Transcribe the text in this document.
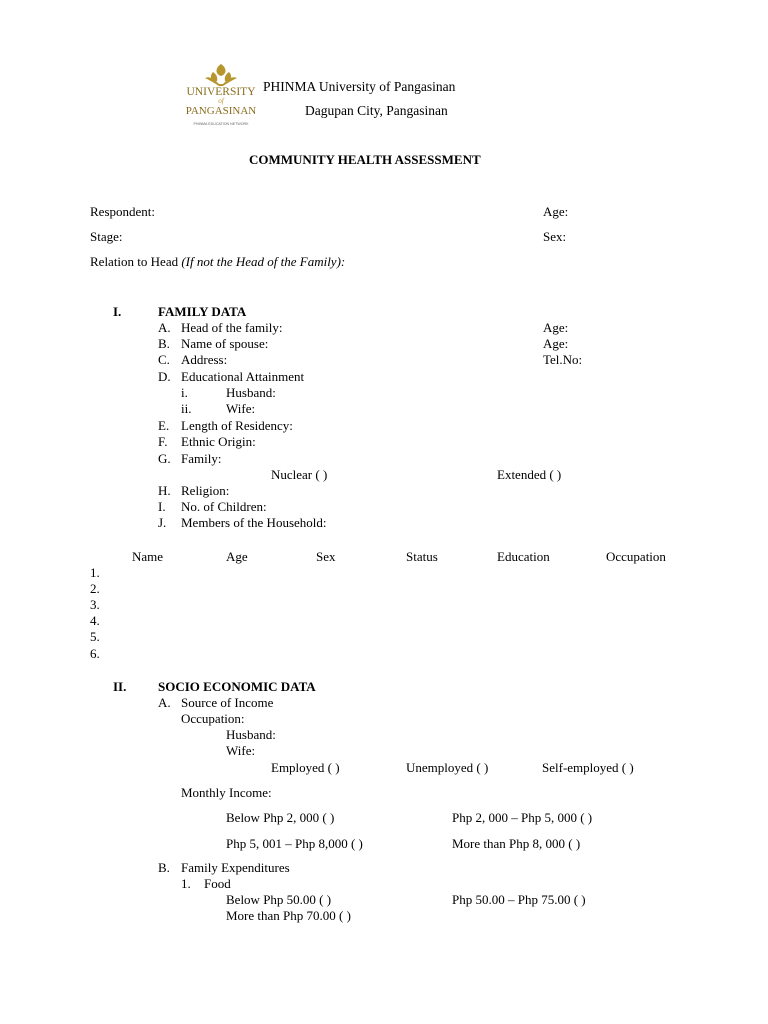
UNIVERSITY
of
PANGASINAN
PHINMA EDUCATION NETWORK
PHINMA University of Pangasinan
Dagupan City, Pangasinan
COMMUNITY HEALTH ASSESSMENT
Respondent:	Age:
Stage:	Sex:
Relation to Head (If not the Head of the Family):
I.	FAMILY DATA
A. Head of the family:	Age:
B. Name of spouse:	Age:
C. Address:	Tel.No:
D. Educational Attainment
i.	Husband:
ii.	Wife:
E. Length of Residency:
F. Ethnic Origin:
G. Family:
Nuclear ( )	Extended ( )
H. Religion:
I. No. of Children:
J. Members of the Household:
Name	Age	Sex	Status	Education	Occupation
1.
2.
3.
4.
5.
6.
II. SOCIO ECONOMIC DATA
A. Source of Income
Occupation:
Husband:
Wife:
Employed ( )	Unemployed ( )	Self-employed ( )
Monthly Income:
Below Php 2, 000 ( )	Php 2, 000 – Php 5, 000 ( )
Php 5, 001 – Php 8,000 ( )	More than Php 8, 000 ( )
B. Family Expenditures
1. Food
Below Php 50.00 ( )	Php 50.00 – Php 75.00 ( )
More than Php 70.00 ( )
